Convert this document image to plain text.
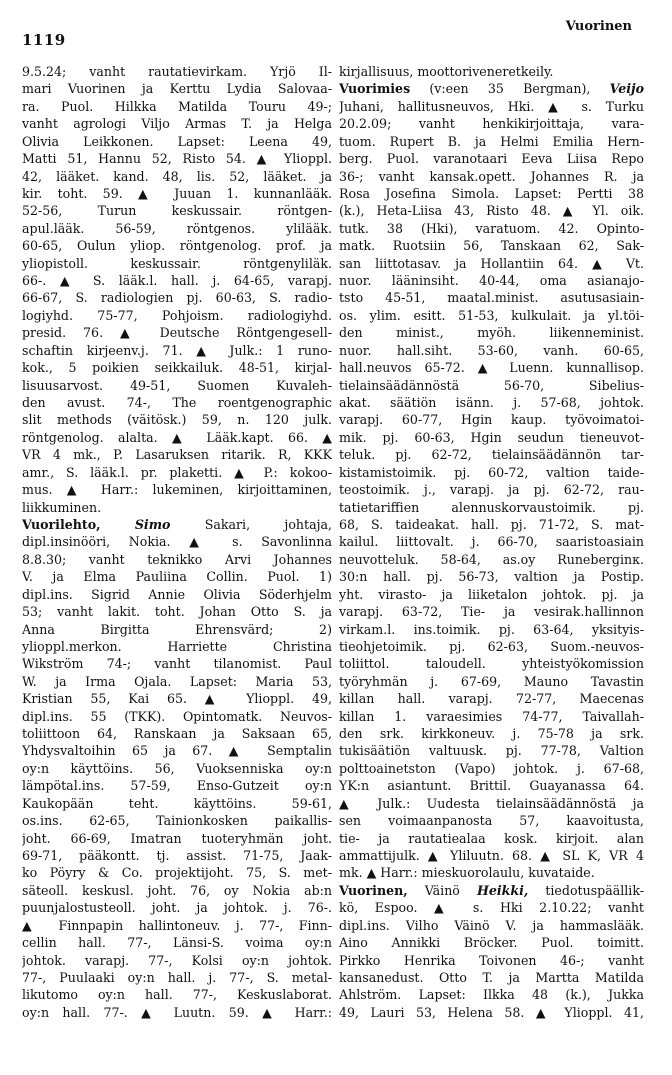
1119
Vuorinen
9.5.24; vanht rautatievirkam. Yrjö Il-
mari Vuorinen ja Kerttu Lydia Salovaa-
ra. Puol. Hilkka Matilda Touru 49-;
vanht agrologi Viljo Armas T. ja Helga
Olivia Leikkonen. Lapset: Leena 49,
Matti 51, Hannu 52, Risto 54. ▲ Ylioppl.
42, lääket. kand. 48, lis. 52, lääket. ja
kir. toht. 59. ▲ Juuan 1. kunnanlääk.
52-56, Turun keskussair. röntgen-
apul.lääk. 56-59, röntgenos. ylilääk.
60-65, Oulun yliop. röntgenolog. prof. ja
yliopistoll. keskussair. röntgenyliläk.
66-. ▲ S. lääk.l. hall. j. 64-65, varapj.
66-67, S. radiologien pj. 60-63, S. radio-
logiyhd. 75-77, Pohjoism. radiologiyhd.
presid. 76. ▲ Deutsche Röntgengesell-
schaftin kirjeenv.j. 71. ▲ Julk.: 1 runo-
kok., 5 poikien seikkailuk. 48-51, kirjal-
lisuusarvost. 49-51, Suomen Kuvaleh-
den avust. 74-, The roentgenographic
slit methods (väitösk.) 59, n. 120 julk.
röntgenolog. alalta. ▲ Lääk.kapt. 66. ▲
VR 4 mk., P. Lasaruksen ritarik. R, KKK
amr., S. lääk.l. pr. plaketti. ▲ P.: kokoo-
mus. ▲ Harr.: lukeminen, kirjoittaminen,
liikkuminen.
Vuorilehto,	Simo	Sakari, johtaja,
dipl.insinööri, Nokia. ▲ s. Savonlinna
8.8.30; vanht teknikko Arvi Johannes
V. ja Elma Pauliina Collin. Puol. 1)
dipl.ins. Sigrid Annie Olivia Söderhjelm
53; vanht lakit. toht. Johan Otto S. ja
Anna Birgitta Ehrensvärd; 2)
ylioppl.merkon. Harriette Christina
Wikström 74-; vanht tilanomist. Paul
W. ja Irma Ojala. Lapset: Maria 53,
Kristian 55, Kai 65. ▲ Ylioppl. 49,
dipl.ins. 55 (TKK). Opintomatk. Neuvos-
toliittoon 64, Ranskaan ja Saksaan 65,
Yhdysvaltoihin 65 ja 67. ▲ Semptalin
oy:n käyttöins. 56, Vuoksenniska oy:n
lämpötal.ins. 57-59, Enso-Gutzeit oy:n
Kaukopään teht. käyttöins. 59-61,
os.ins. 62-65, Tainionkosken paikallis-
joht. 66-69, Imatran tuoteryhmän joht.
69-71, pääkontt. tj. assist. 71-75, Jaak-
ko Pöyry & Co. projektijoht. 75, S. met-
säteoll. keskusl. joht. 76, oy Nokia ab:n
puunjalostusteoll. joht. ja johtok. j. 76-.
▲ Finnpapin hallintoneuv. j. 77-, Finn-
cellin hall. 77-, Länsi-S. voima oy:n
johtok. varapj. 77-, Kolsi oy:n johtok.
77-, Puulaaki oy:n hall. j. 77-, S. metal-
likutomo oy:n hall. 77-, Keskuslaborat.
oy:n hall. 77-. ▲ Luutn. 59. ▲ Harr.:
kirjallisuus, moottoriveneretkeily.
Vuorimies (v:een 35 Bergman), Veijo
Juhani, hallitusneuvos, Hki. ▲ s. Turku
20.2.09; vanht henkikirjoittaja, vara-
tuom. Rupert B. ja Helmi Emilia Hern-
berg. Puol. varanotaari Eeva Liisa Repo
36-; vanht kansak.opett. Johannes R. ja
Rosa Josefina Simola. Lapset: Pertti 38
(k.), Heta-Liisa 43, Risto 48. ▲ Yl. oik.
tutk. 38 (Hki), varatuom. 42. Opinto-
matk. Ruotsiin 56, Tanskaan 62, Sak-
san liittotasav. ja Hollantiin 64. ▲ Vt.
nuor. lääninsiht. 40-44, oma asianajo-
tsto 45-51, maatal.minist. asutusasiain-
os. ylim. esitt. 51-53, kulkulait. ja yl.töi-
den minist., myöh. liikenneminist.
nuor. hall.siht. 53-60, vanh. 60-65,
hall.neuvos 65-72. ▲ Luenn. kunnallisop.
tielainsäädännöstä 56-70, Sibelius-
akat. säätiön isänn. j. 57-68, johtok.
varapj. 60-77, Hgin kaup. työvoimatoi-
mik. pj. 60-63, Hgin seudun tieneuvot-
teluk. pj. 62-72, tielainsäädännön tar-
kistamistoimik. pj. 60-72, valtion taide-
teostoimik. j., varapj. ja pj. 62-72, rau-
tatietariffien alennuskorvaustoimik. pj.
68, S. taideakat. hall. pj. 71-72, S. mat-
kailul. liittovalt. j. 66-70, saaristoasiain
neuvotteluk. 58-64, as.oy Runeberginк.
30:n hall. pj. 56-73, valtion ja Postip.
yht. virasto- ja liiketalon johtok. pj. ja
varapj. 63-72, Tie- ja vesirak.hallinnon
virkam.l. ins.toimik. pj. 63-64, yksityis-
tieohjetoimik. pj. 62-63, Suom.-neuvos-
toliittol. taloudell. yhteistyökomission
työryhmän j. 67-69, Mauno Tavastin
killan hall. varapj. 72-77, Maecenas
killan 1. varaesimies 74-77, Taivallah-
den srk. kirkkoneuv. j. 75-78 ja srk.
tukisäätiön valtuusk. pj. 77-78, Valtion
polttoainetston (Vapo) johtok. j. 67-68,
YK:n asiantunt. Brittil. Guayanassa 64.
▲ Julk.: Uudesta tielainsäädännöstä ja
sen voimaanpanosta 57, kaavoitusta,
tie- ja rautatiealaa kosk. kirjoit. alan
ammattijulk. ▲ Yliluutn. 68. ▲ SL K, VR 4
mk. ▲ Harr.: mieskuorolaulu, kuvataide.
Vuorinen, Väinö Heikki, tiedotuspäällik-
kö, Espoo. ▲ s. Hki 2.10.22; vanht
dipl.ins. Vilho Väinö V. ja hammaslääk.
Aino Annikki Bröcker. Puol. toimitt.
Pirkko Henrika Toivonen 46-; vanht
kansanedust. Otto T. ja Martta Matilda
Ahlström. Lapset: Ilkka 48 (k.), Jukka
49, Lauri 53, Helena 58. ▲ Ylioppl. 41,
